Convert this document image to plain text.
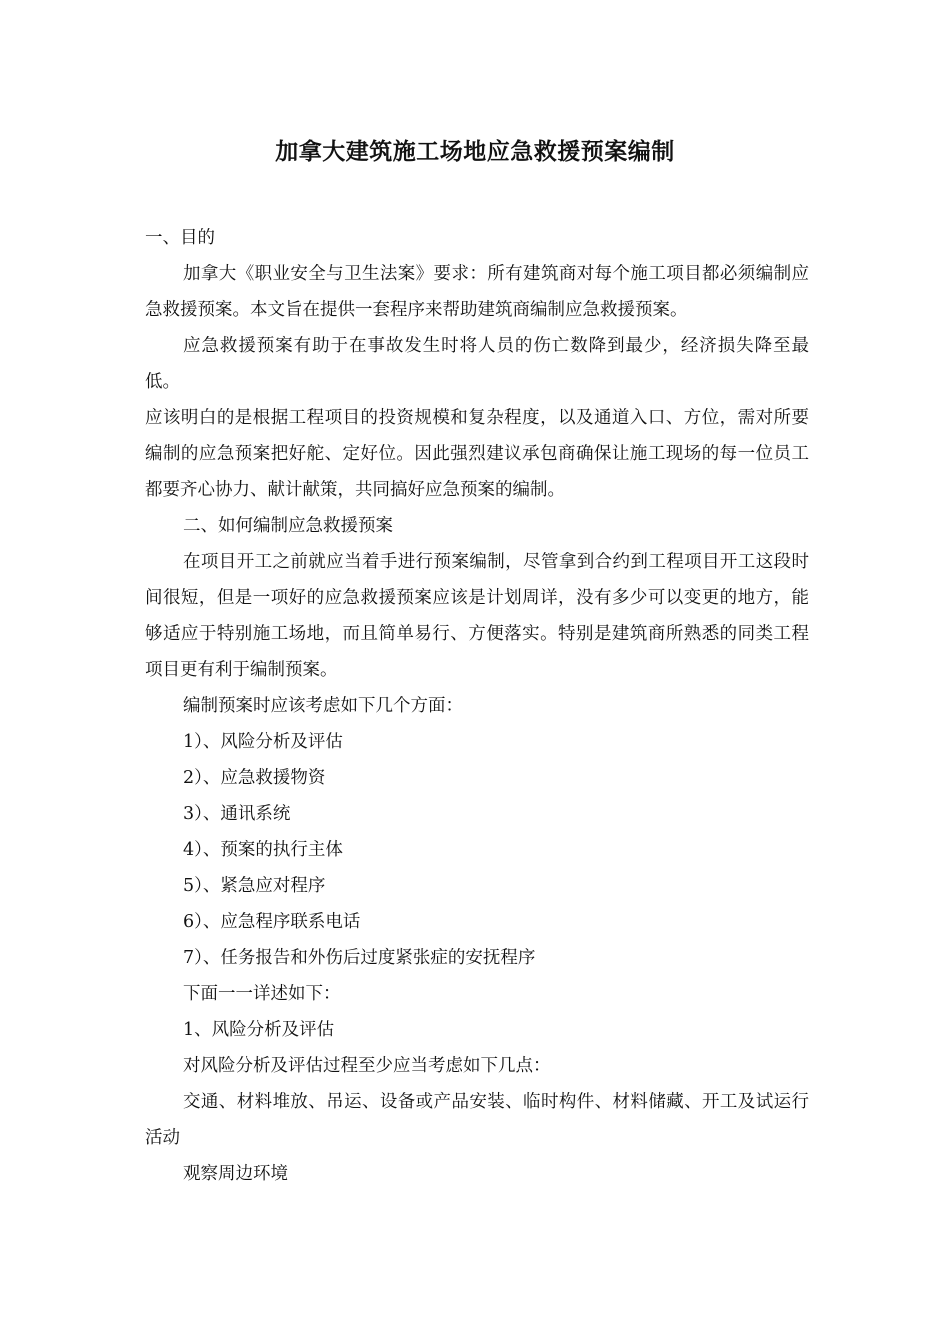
加拿大建筑施工场地应急救援预案编制

一、目的

加拿大《职业安全与卫生法案》要求：所有建筑商对每个施工项目都必须编制应急救援预案。本文旨在提供一套程序来帮助建筑商编制应急救援预案。

应急救援预案有助于在事故发生时将人员的伤亡数降到最少，经济损失降至最低。

应该明白的是根据工程项目的投资规模和复杂程度，以及通道入口、方位，需对所要编制的应急预案把好舵、定好位。因此强烈建议承包商确保让施工现场的每一位员工都要齐心协力、献计献策，共同搞好应急预案的编制。

二、如何编制应急救援预案

在项目开工之前就应当着手进行预案编制，尽管拿到合约到工程项目开工这段时间很短，但是一项好的应急救援预案应该是计划周详，没有多少可以变更的地方，能够适应于特别施工场地，而且简单易行、方便落实。特别是建筑商所熟悉的同类工程项目更有利于编制预案。

编制预案时应该考虑如下几个方面：

1）、风险分析及评估

2）、应急救援物资

3）、通讯系统

4）、预案的执行主体

5）、紧急应对程序

6）、应急程序联系电话

7）、任务报告和外伤后过度紧张症的安抚程序

下面一一详述如下：

1、风险分析及评估

对风险分析及评估过程至少应当考虑如下几点：

交通、材料堆放、吊运、设备或产品安装、临时构件、材料储藏、开工及试运行活动

观察周边环境
